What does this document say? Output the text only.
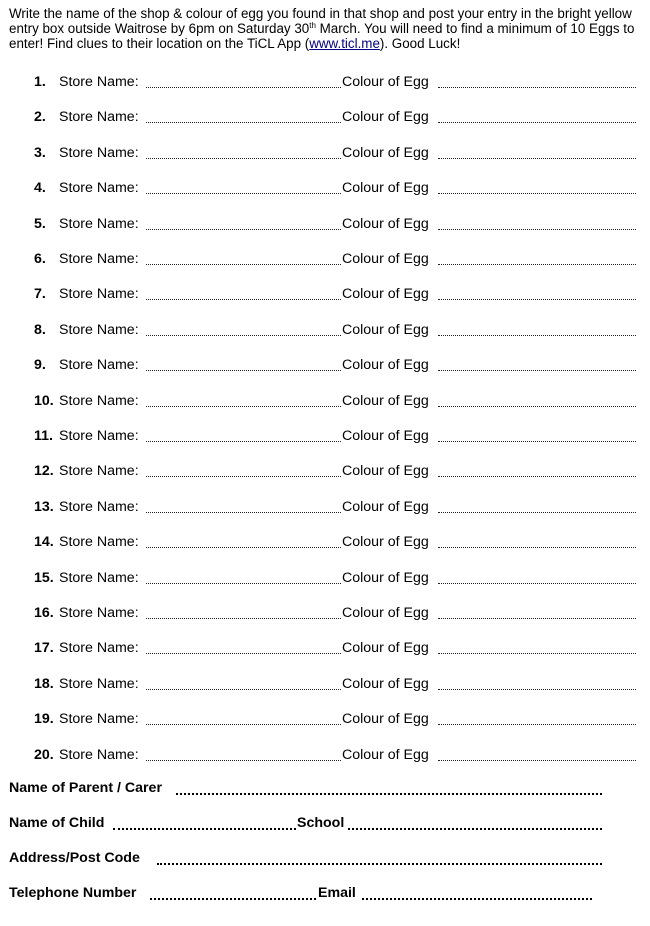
Write the name of the shop & colour of egg you found in that shop and post your entry in the bright yellow entry box outside Waitrose by 6pm on Saturday 30th March. You will need to find a minimum of 10 Eggs to enter! Find clues to their location on the TiCL App (www.ticl.me). Good Luck!

1. Store Name:	Colour of Egg
2. Store Name:	Colour of Egg
3. Store Name:	Colour of Egg
4. Store Name:	Colour of Egg
5. Store Name:	Colour of Egg
6. Store Name:	Colour of Egg
7. Store Name:	Colour of Egg
8. Store Name:	Colour of Egg
9. Store Name:	Colour of Egg
10. Store Name:	Colour of Egg
11. Store Name:	Colour of Egg
12. Store Name:	Colour of Egg
13. Store Name:	Colour of Egg
14. Store Name:	Colour of Egg
15. Store Name:	Colour of Egg
16. Store Name:	Colour of Egg
17. Store Name:	Colour of Egg
18. Store Name:	Colour of Egg
19. Store Name:	Colour of Egg
20. Store Name:	Colour of Egg
Name of Parent / Carer
Name of Child	School
Address/Post Code
Telephone Number	Email
